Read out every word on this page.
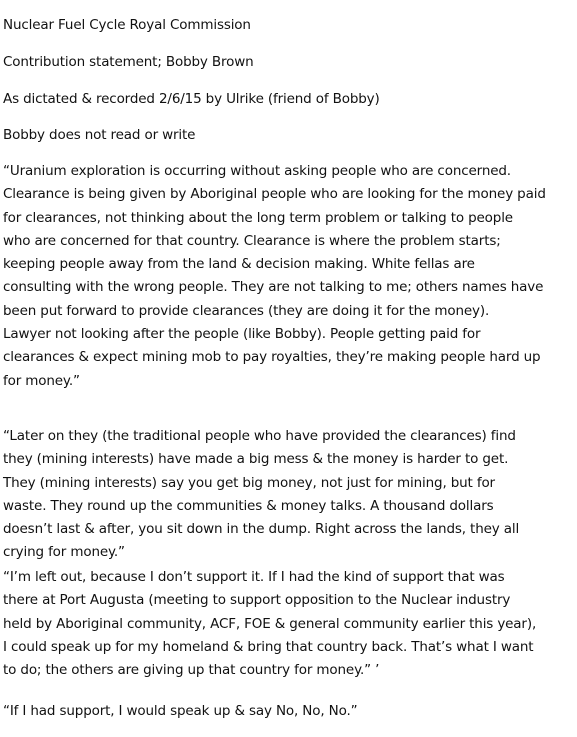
Nuclear Fuel Cycle Royal Commission

Contribution statement; Bobby Brown

As dictated & recorded 2/6/15 by Ulrike (friend of Bobby)

Bobby does not read or write

“Uranium exploration is occurring without asking people who are concerned.
Clearance is being given by Aboriginal people who are looking for the money paid
for clearances, not thinking about the long term problem or talking to people
who are concerned for that country. Clearance is where the problem starts;
keeping people away from the land & decision making. White fellas are
consulting with the wrong people. They are not talking to me; others names have
been put forward to provide clearances (they are doing it for the money).
Lawyer not looking after the people (like Bobby). People getting paid for
clearances & expect mining mob to pay royalties, they’re making people hard up
for money.”
“Later on they (the traditional people who have provided the clearances) find
they (mining interests) have made a big mess & the money is harder to get.
They (mining interests) say you get big money, not just for mining, but for
waste. They round up the communities & money talks. A thousand dollars
doesn’t last & after, you sit down in the dump. Right across the lands, they all
crying for money.”
“I’m left out, because I don’t support it. If I had the kind of support that was
there at Port Augusta (meeting to support opposition to the Nuclear industry
held by Aboriginal community, ACF, FOE & general community earlier this year),
I could speak up for my homeland & bring that country back. That’s what I want
to do; the others are giving up that country for money.” ’
“If I had support, I would speak up & say No, No, No.”
